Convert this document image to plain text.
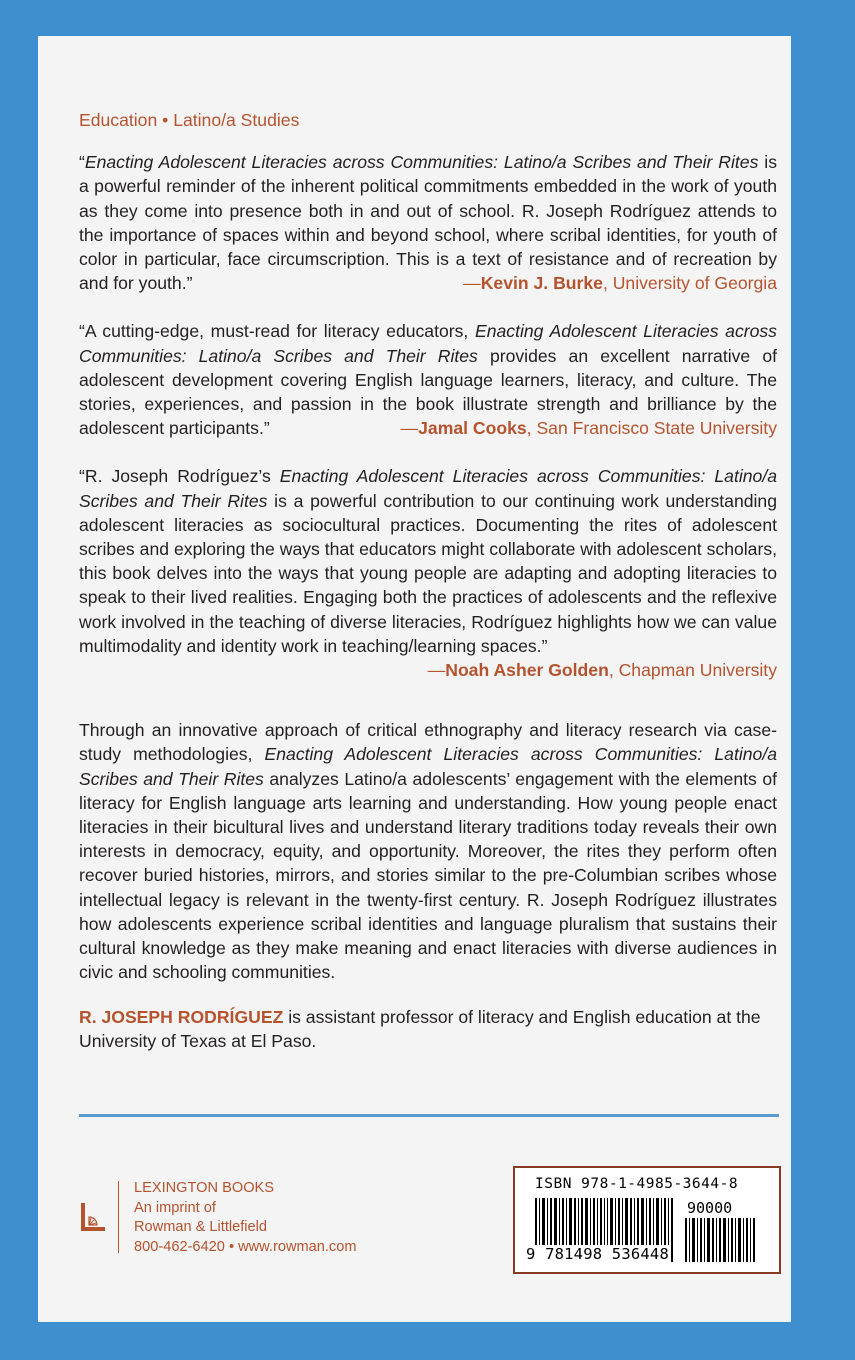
Education • Latino/a Studies

“Enacting Adolescent Literacies across Communities: Latino/a Scribes and Their Rites is a powerful reminder of the inherent political commitments embedded in the work of youth as they come into presence both in and out of school. R. Joseph Rodríguez attends to the importance of spaces within and beyond school, where scribal identities, for youth of color in particular, face circumscription. This is a text of resistance and of recreation by and for youth.”	—Kevin J. Burke, University of Georgia

“A cutting-edge, must-read for literacy educators, Enacting Adolescent Literacies across Communities: Latino/a Scribes and Their Rites provides an excellent narrative of adolescent development covering English language learners, literacy, and culture. The stories, experiences, and passion in the book illustrate strength and brilliance by the adolescent participants.”	—Jamal Cooks, San Francisco State University

“R. Joseph Rodríguez’s Enacting Adolescent Literacies across Communities: Latino/a Scribes and Their Rites is a powerful contribution to our continuing work understanding adolescent literacies as sociocultural practices. Documenting the rites of adolescent scribes and exploring the ways that educators might collaborate with adolescent scholars, this book delves into the ways that young people are adapting and adopting literacies to speak to their lived realities. Engaging both the practices of adolescents and the reflexive work involved in the teaching of diverse literacies, Rodríguez highlights how we can value multimodality and identity work in teaching/learning spaces.”

—Noah Asher Golden, Chapman University

Through an innovative approach of critical ethnography and literacy research via case-study methodologies, Enacting Adolescent Literacies across Communities: Latino/a Scribes and Their Rites analyzes Latino/a adolescents’ engagement with the elements of literacy for English language arts learning and understanding. How young people enact literacies in their bicultural lives and understand literary traditions today reveals their own interests in democracy, equity, and opportunity. Moreover, the rites they perform often recover buried histories, mirrors, and stories similar to the pre-Columbian scribes whose intellectual legacy is relevant in the twenty-first century. R. Joseph Rodríguez illustrates how adolescents experience scribal identities and language pluralism that sustains their cultural knowledge as they make meaning and enact literacies with diverse audiences in civic and schooling communities.

R. JOSEPH RODRÍGUEZ is assistant professor of literacy and English education at the University of Texas at El Paso.

LEXINGTON BOOKS
An imprint of
Rowman & Littlefield
800-462-6420 • www.rowman.com
ISBN 978-1-4985-3644-8
90000
9 781498 536448
